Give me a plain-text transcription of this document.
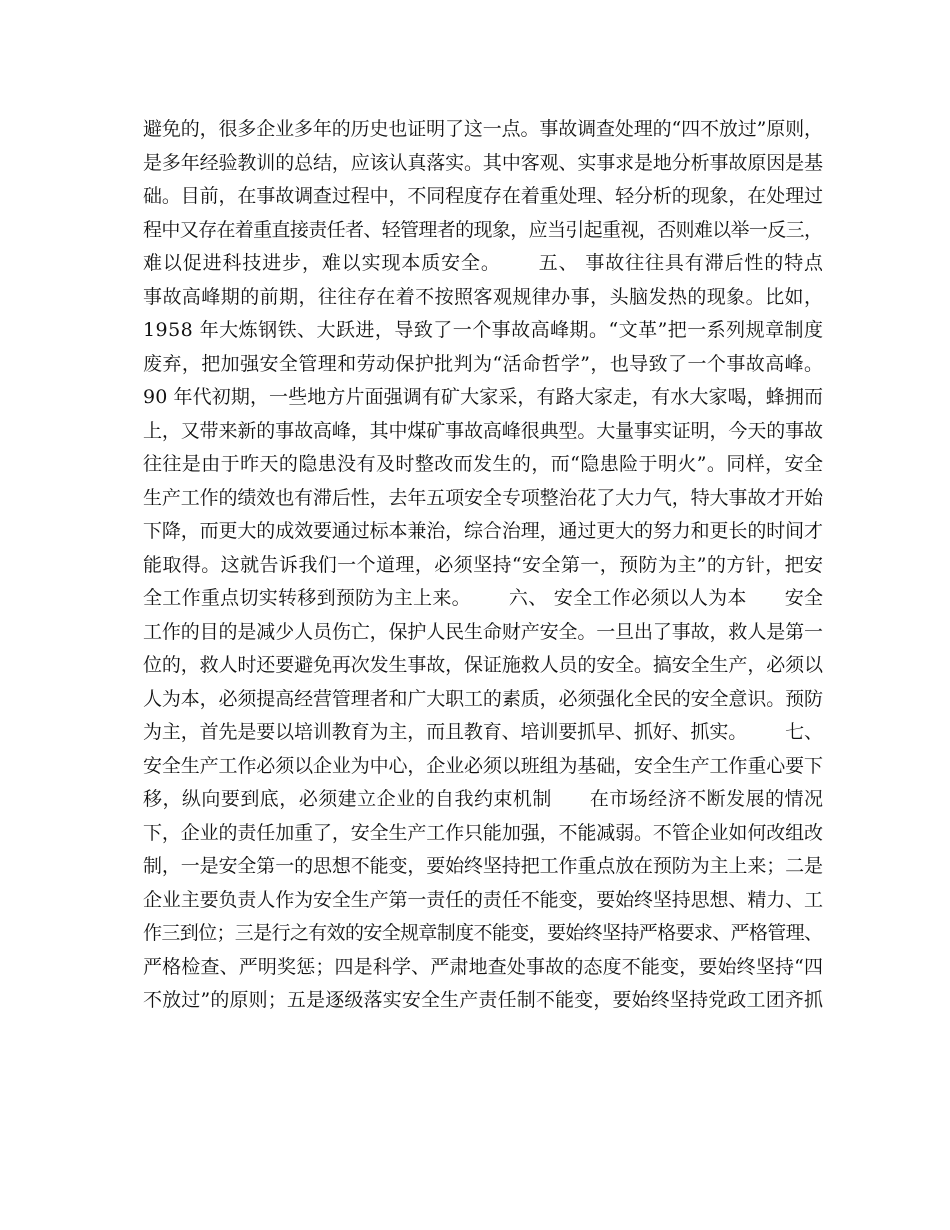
避免的，很多企业多年的历史也证明了这一点。事故调查处理的“四不放过”原则，
是多年经验教训的总结，应该认真落实。其中客观、实事求是地分析事故原因是基
础。目前，在事故调查过程中，不同程度存在着重处理、轻分析的现象，在处理过
程中又存在着重直接责任者、轻管理者的现象，应当引起重视，否则难以举一反三，
难以促进科技进步，难以实现本质安全。 五、 事故往往具有滞后性的特点
事故高峰期的前期，往往存在着不按照客观规律办事，头脑发热的现象。比如，
1958 年大炼钢铁、大跃进，导致了一个事故高峰期。“文革”把一系列规章制度
废弃，把加强安全管理和劳动保护批判为“活命哲学”，也导致了一个事故高峰。
90 年代初期，一些地方片面强调有矿大家采，有路大家走，有水大家喝，蜂拥而
上，又带来新的事故高峰，其中煤矿事故高峰很典型。大量事实证明，今天的事故
往往是由于昨天的隐患没有及时整改而发生的，而“隐患险于明火”。同样，安全
生产工作的绩效也有滞后性，去年五项安全专项整治花了大力气，特大事故才开始
下降，而更大的成效要通过标本兼治，综合治理，通过更大的努力和更长的时间才
能取得。这就告诉我们一个道理，必须坚持“安全第一，预防为主”的方针，把安
全工作重点切实转移到预防为主上来。 六、 安全工作必须以人为本 安全
工作的目的是减少人员伤亡，保护人民生命财产安全。一旦出了事故，救人是第一
位的，救人时还要避免再次发生事故，保证施救人员的安全。搞安全生产，必须以
人为本，必须提高经营管理者和广大职工的素质，必须强化全民的安全意识。预防
为主，首先是要以培训教育为主，而且教育、培训要抓早、抓好、抓实。 七、
安全生产工作必须以企业为中心，企业必须以班组为基础，安全生产工作重心要下
移，纵向要到底，必须建立企业的自我约束机制 在市场经济不断发展的情况
下，企业的责任加重了，安全生产工作只能加强，不能减弱。不管企业如何改组改
制，一是安全第一的思想不能变，要始终坚持把工作重点放在预防为主上来；二是
企业主要负责人作为安全生产第一责任的责任不能变，要始终坚持思想、精力、工
作三到位；三是行之有效的安全规章制度不能变，要始终坚持严格要求、严格管理、
严格检查、严明奖惩；四是科学、严肃地查处事故的态度不能变，要始终坚持“四
不放过”的原则；五是逐级落实安全生产责任制不能变，要始终坚持党政工团齐抓
